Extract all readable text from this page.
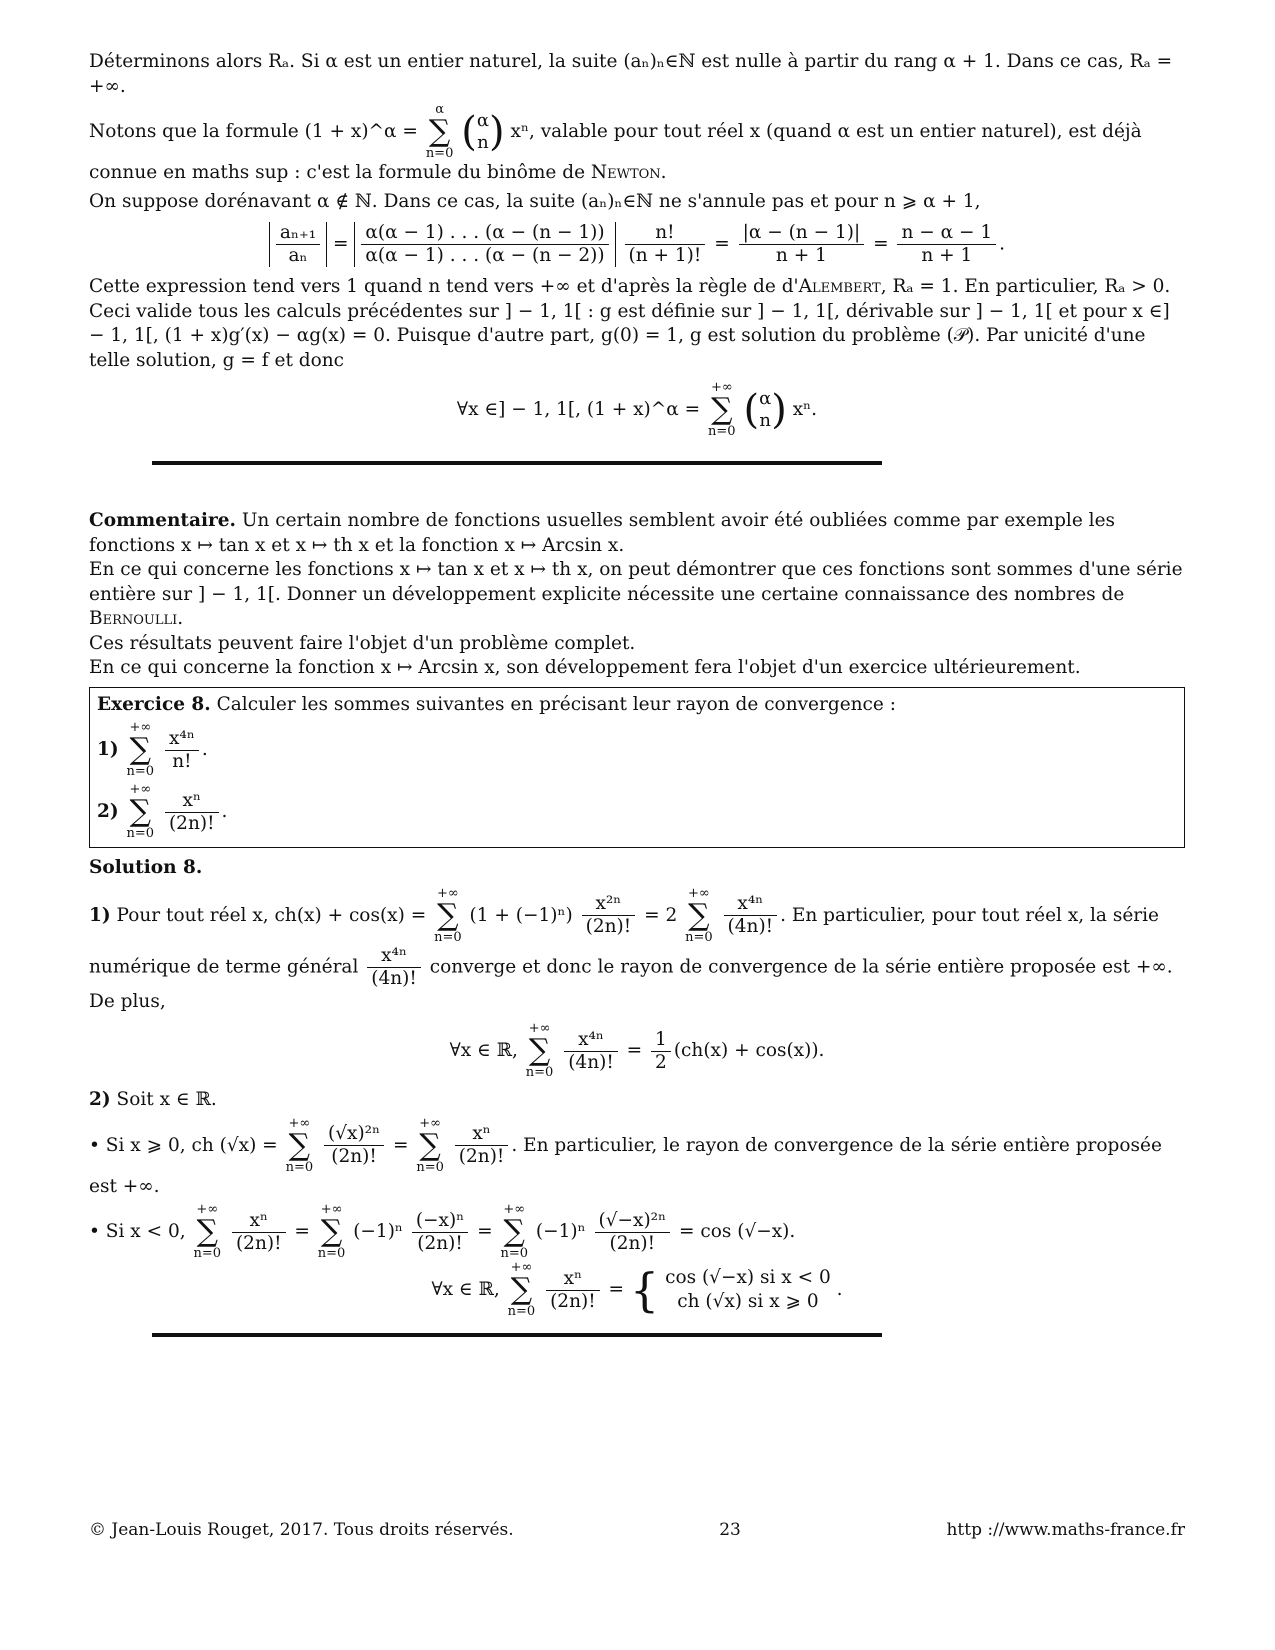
Déterminons alors Rₐ. Si α est un entier naturel, la suite (aₙ)ₙ∈ℕ est nulle à partir du rang α + 1. Dans ce cas, Rₐ = +∞.

Notons que la formule (1 + x)^α =
α
∑
n=0 ( α
n ) xⁿ, valable pour tout réel x (quand α est un entier naturel), est déjà connue en maths sup : c'est la formule du binôme de Newton.

On suppose dorénavant α ∉ ℕ. Dans ce cas, la suite (aₙ)ₙ∈ℕ ne s'annule pas et pour n ⩾ α + 1,

$\frac{\text{aₙ₊₁}}{\text{aₙ}} = \frac{\alpha(\alpha - 1) . . . (\alpha - (n - 1))}{\alpha(\alpha - 1) . . . (\alpha - (n - 2))}$
$\frac{n!}{(n + 1)!} = \frac{|\alpha - (n - 1)|}{n + 1} = \frac{n - \alpha - 1}{n + 1}$ .

Cette expression tend vers 1 quand n tend vers +∞ et d'après la règle de d'Alembert, Rₐ = 1. En particulier, Rₐ > 0. Ceci valide tous les calculs précédentes sur ] − 1, 1[ : g est définie sur ] − 1, 1[, dérivable sur ] − 1, 1[ et pour x ∈] − 1, 1[, (1 + x)g′(x) − αg(x) = 0. Puisque d'autre part, g(0) = 1, g est solution du problème (𝒫). Par unicité d'une telle solution, g = f et donc

∀x ∈] − 1, 1[, (1 + x)^α =
+∞
∑
n=0 ( α
n ) xⁿ.

Commentaire. Un certain nombre de fonctions usuelles semblent avoir été oubliées comme par exemple les fonctions x ↦ tan x et x ↦ th x et la fonction x ↦ Arcsin x.

En ce qui concerne les fonctions x ↦ tan x et x ↦ th x, on peut démontrer que ces fonctions sont sommes d'une série entière sur ] − 1, 1[. Donner un développement explicite nécessite une certaine connaissance des nombres de Bernoulli.

Ces résultats peuvent faire l'objet d'un problème complet.

En ce qui concerne la fonction x ↦ Arcsin x, son développement fera l'objet d'un exercice ultérieurement.

Exercice 8. Calculer les sommes suivantes en précisant leur rayon de convergence :

1)
+∞
∑
n=0
$\frac{\text{x⁴ⁿ}}{n!}$ .
2)
+∞
∑
n=0
$\frac{\text{xⁿ}}{(2n)!}$ .

Solution 8.

1) Pour tout réel x, ch(x) + cos(x) =
+∞
∑
n=0
$(1 + (-1)^n) \frac{\text{x²ⁿ}}{(2n)!} = 2$
+∞
∑
n=0
$\frac{\text{x⁴ⁿ}}{(4n)!}$ . En particulier, pour tout réel x, la série
numérique de terme général $\frac{\text{x⁴ⁿ}}{(4n)!}$ converge et donc le rayon de convergence de la série entière proposée est +∞. De plus,
∀x ∈ ℝ,
+∞
∑
n=0
$\frac{\text{x⁴ⁿ}}{(4n)!} = \frac{1}{2} (ch(x) + \cos(x))$.

2) Soit x ∈ ℝ.

• Si x ⩾ 0, ch (√x) =
+∞
∑
n=0
$\frac{\text{(√x)²ⁿ}}{(2n)!}$ =
+∞
∑
n=0
$\frac{\text{xⁿ}}{(2n)!}$ . En particulier, le rayon de convergence de la série entière proposée est +∞.
• Si x < 0,
+∞
∑
n=0
$\frac{\text{xⁿ}}{(2n)!}$ =
+∞
∑
n=0
$(-1)^n \frac{\text{(−x)ⁿ}}{(2n)!}$ =
+∞
∑
n=0
$(-1)^n \frac{\text{(√−x)²ⁿ}}{(2n)!} = \cos (√-x)$.
∀x ∈ ℝ,
+∞
∑
n=0
$\frac{\text{xⁿ}}{(2n)!}$ = { cos (√−x) si x < 0
ch (√x) si x ⩾ 0
.
© Jean-Louis Rouget, 2017. Tous droits réservés.	23	http ://www.maths-france.fr
